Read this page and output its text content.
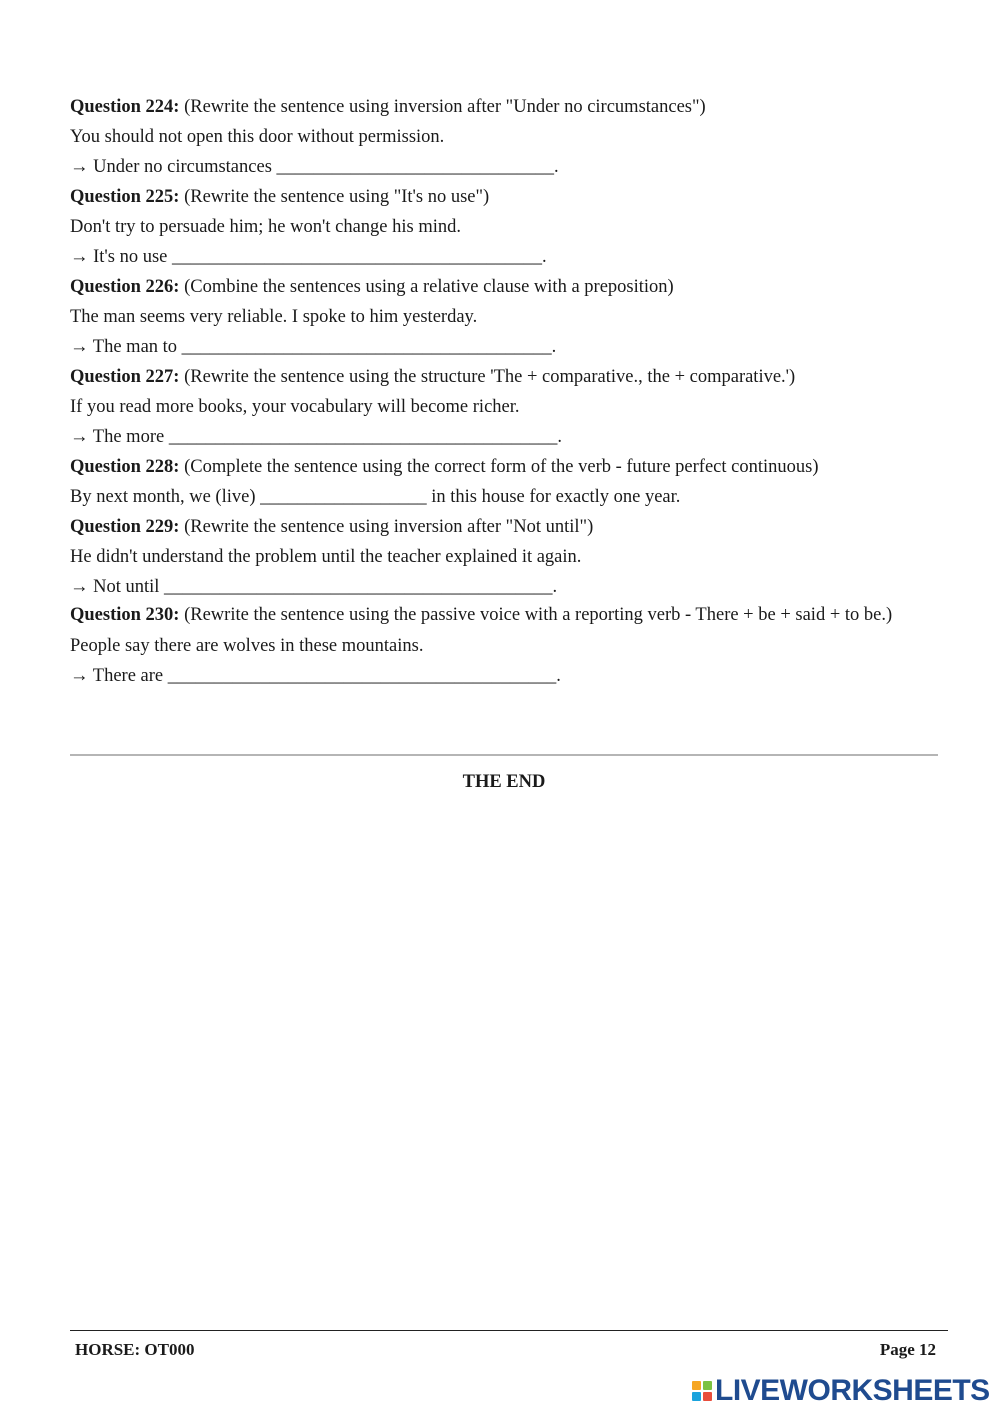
Question 224: (Rewrite the sentence using inversion after "Under no circumstances")
You should not open this door without permission.
→ Under no circumstances ______________________________.
Question 225: (Rewrite the sentence using "It's no use")
Don't try to persuade him; he won't change his mind.
→ It's no use ________________________________________.
Question 226: (Combine the sentences using a relative clause with a preposition)
The man seems very reliable. I spoke to him yesterday.
→ The man to ________________________________________.
Question 227: (Rewrite the sentence using the structure 'The + comparative., the + comparative.')
If you read more books, your vocabulary will become richer.
→ The more __________________________________________.
Question 228: (Complete the sentence using the correct form of the verb - future perfect continuous)
By next month, we (live) __________________ in this house for exactly one year.
Question 229: (Rewrite the sentence using inversion after "Not until")
He didn't understand the problem until the teacher explained it again.
→ Not until __________________________________________.
Question 230: (Rewrite the sentence using the passive voice with a reporting verb - There + be + said + to be.)
People say there are wolves in these mountains.
→ There are __________________________________________.
THE END
HORSE: OT000	Page 12
LIVEWORKSHEETS
